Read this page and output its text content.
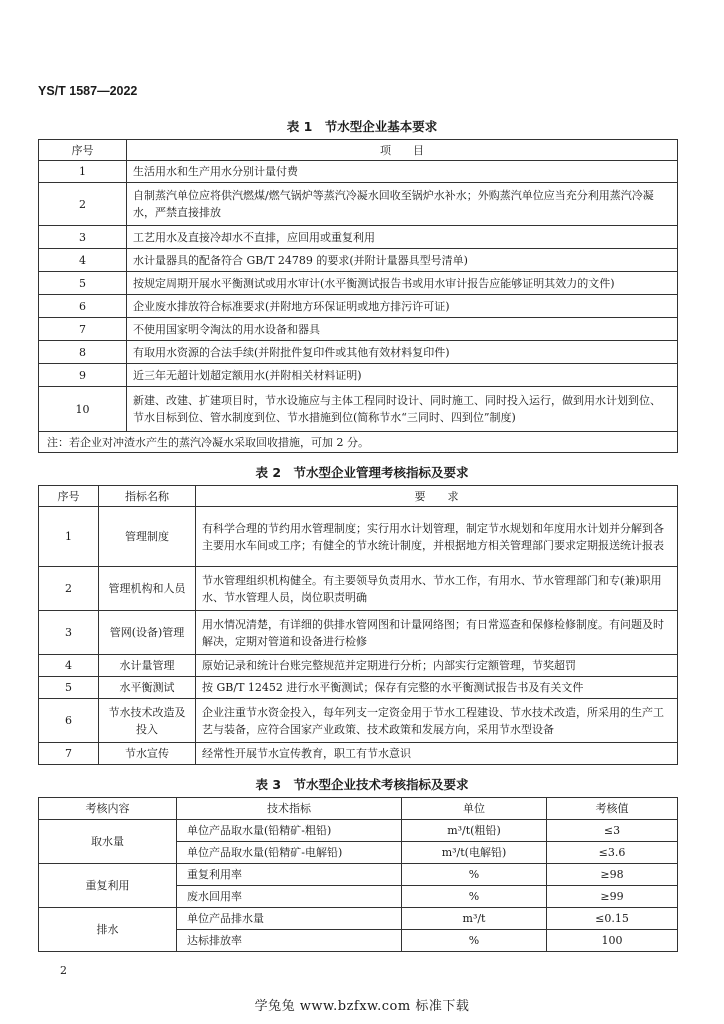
YS/T 1587—2022
表 1　节水型企业基本要求
序号	项　　目
1	生活用水和生产用水分别计量付费
2	自制蒸汽单位应将供汽燃煤/燃气锅炉等蒸汽冷凝水回收至锅炉水补水；外购蒸汽单位应当充分利用蒸汽冷凝水，严禁直接排放
3	工艺用水及直接冷却水不直排，应回用或重复利用
4	水计量器具的配备符合 GB/T 24789 的要求(并附计量器具型号清单)
5	按规定周期开展水平衡测试或用水审计(水平衡测试报告书或用水审计报告应能够证明其效力的文件)
6	企业废水排放符合标准要求(并附地方环保证明或地方排污许可证)
7	不使用国家明令淘汰的用水设备和器具
8	有取用水资源的合法手续(并附批件复印件或其他有效材料复印件)
9	近三年无超计划超定额用水(并附相关材料证明)
10	新建、改建、扩建项目时，节水设施应与主体工程同时设计、同时施工、同时投入运行，做到用水计划到位、节水目标到位、管水制度到位、节水措施到位(简称节水“三同时、四到位”制度)
注：若企业对冲渣水产生的蒸汽冷凝水采取回收措施，可加 2 分。	
表 2　节水型企业管理考核指标及要求
序号	指标名称	要　　求
1	管理制度	有科学合理的节约用水管理制度；实行用水计划管理，制定节水规划和年度用水计划并分解到各主要用水车间或工序；有健全的节水统计制度，并根据地方相关管理部门要求定期报送统计报表
2	管理机构和人员	节水管理组织机构健全。有主要领导负责用水、节水工作，有用水、节水管理部门和专(兼)职用水、节水管理人员，岗位职责明确
3	管网(设备)管理	用水情况清楚，有详细的供排水管网图和计量网络图；有日常巡查和保修检修制度。有问题及时解决，定期对管道和设备进行检修
4	水计量管理	原始记录和统计台账完整规范并定期进行分析；内部实行定额管理，节奖超罚
5	水平衡测试	按 GB/T 12452 进行水平衡测试；保存有完整的水平衡测试报告书及有关文件
6	节水技术改造及投入	企业注重节水资金投入，每年列支一定资金用于节水工程建设、节水技术改造，所采用的生产工艺与装备，应符合国家产业政策、技术政策和发展方向，采用节水型设备
7	节水宣传	经常性开展节水宣传教育，职工有节水意识
表 3　节水型企业技术考核指标及要求
考核内容	技术指标	单位	考核值
取水量	单位产品取水量(铅精矿-粗铅)	m³/t(粗铅)	≤3
	单位产品取水量(铅精矿-电解铅)	m³/t(电解铅)	≤3.6
重复利用	重复利用率	%	≥98
	废水回用率	%	≥99
排水	单位产品排水量	m³/t	≤0.15
	达标排放率	%	100
2
学兔兔 www.bzfxw.com 标准下载
